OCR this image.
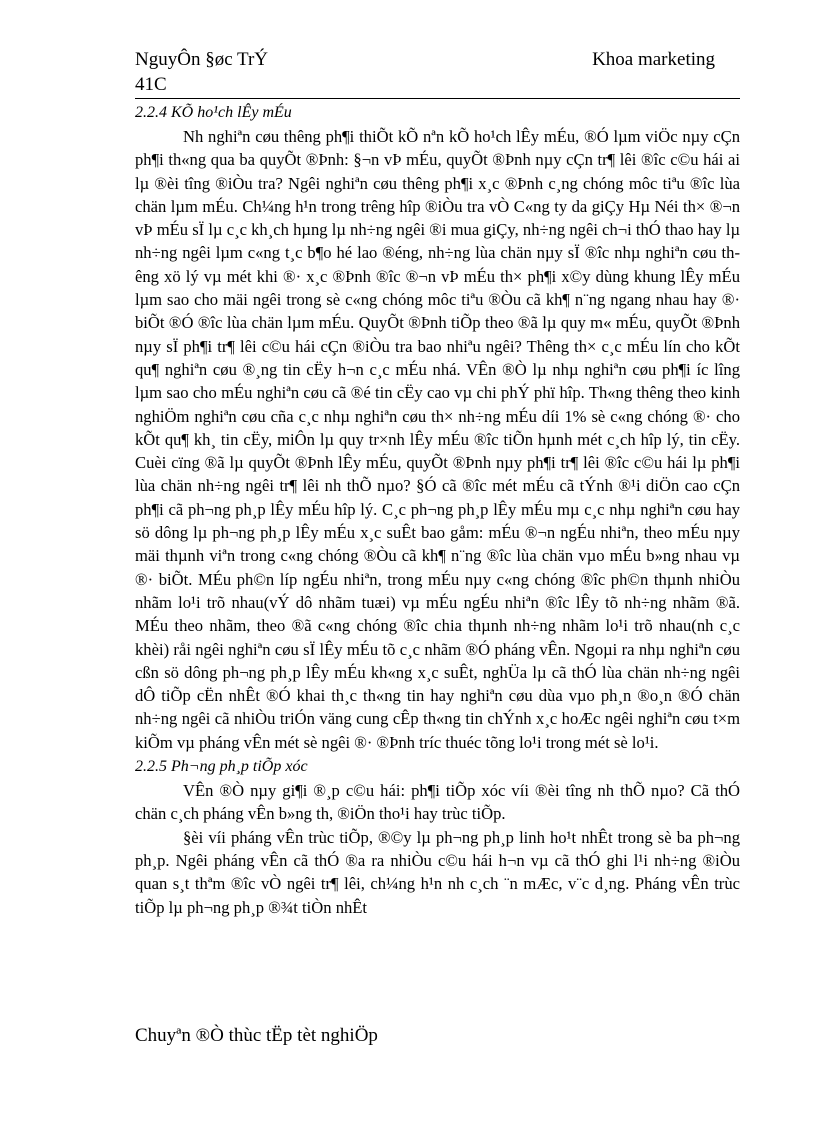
NguyÔn §øc TrÝ	Khoa marketing
41C

2.2.4 KÕ ho¹ch lÊy mÉu

Nh nghiªn cøu thêng ph¶i thiÕt kÕ nªn kÕ ho¹ch lÊy mÉu, ®Ó lµm viÖc nµy cÇn ph¶i th«ng qua ba quyÕt ®Þnh: §¬n vÞ mÉu, quyÕt ®Þnh nµy cÇn tr¶ lêi ®îc c©u hái ai lµ ®èi tîng ®iÒu tra? Ngêi nghiªn cøu thêng ph¶i x¸c ®Þnh c¸ng chóng môc tiªu ®îc lùa chän lµm mÉu. Ch¼ng h¹n trong trêng hîp ®iÒu tra vÒ C«ng ty da giÇy Hµ Néi th× ®¬n vÞ mÉu sÏ lµ c¸c kh¸ch hµng lµ nh÷ng ngêi ®i mua giÇy, nh÷ng ngêi ch¬i thÓ thao hay lµ nh÷ng ngêi lµm c«ng t¸c b¶o hé lao ®éng, nh÷ng lùa chän nµy sÏ ®îc nhµ nghiªn cøu thêng xö lý vµ mét khi ®· x¸c ®Þnh ®îc ®¬n vÞ mÉu th× ph¶i x©y dùng khung lÊy mÉu lµm sao cho mäi ngêi trong sè c«ng chóng môc tiªu ®Òu cã kh¶ n¨ng ngang nhau hay ®· biÕt ®Ó ®îc lùa chän lµm mÉu. QuyÕt ®Þnh tiÕp theo ®ã lµ quy m« mÉu, quyÕt ®Þnh nµy sÏ ph¶i tr¶ lêi c©u hái cÇn ®iÒu tra bao nhiªu ngêi? Thêng th× c¸c mÉu lín cho kÕt qu¶ nghiªn cøu ®¸ng tin cËy h¬n c¸c mÉu nhá. VÊn ®Ò lµ nhµ nghiªn cøu ph¶i íc lîng lµm sao cho mÉu nghiªn cøu cã ®é tin cËy cao vµ chi phÝ phï hîp. Th«ng thêng theo kinh nghiÖm nghiªn cøu cña c¸c nhµ nghiªn cøu th× nh÷ng mÉu díi 1% sè c«ng chóng ®· cho kÕt qu¶ kh¸ tin cËy, miÔn lµ quy tr×nh lÊy mÉu ®îc tiÕn hµnh mét c¸ch hîp lý, tin cËy. Cuèi cïng ®ã lµ quyÕt ®Þnh lÊy mÉu, quyÕt ®Þnh nµy ph¶i tr¶ lêi ®îc c©u hái lµ ph¶i lùa chän nh÷ng ngêi tr¶ lêi nh thÕ nµo? §Ó cã ®îc mét mÉu cã tÝnh ®¹i diÖn cao cÇn ph¶i cã ph¬ng ph¸p lÊy mÉu hîp lý. C¸c ph¬ng ph¸p lÊy mÉu mµ c¸c nhµ nghiªn cøu hay sö dông lµ ph¬ng ph¸p lÊy mÉu x¸c suÊt bao gåm: mÉu ®¬n ngÉu nhiªn, theo mÉu nµy mäi thµnh viªn trong c«ng chóng ®Òu cã kh¶ n¨ng ®îc lùa chän vµo mÉu b»ng nhau vµ ®· biÕt. MÉu ph©n líp ngÉu nhiªn, trong mÉu nµy c«ng chóng ®îc ph©n thµnh nhiÒu nhãm lo¹i trõ nhau(vÝ dô nhãm tuæi) vµ mÉu ngÉu nhiªn ®îc lÊy tõ nh÷ng nhãm ®ã. MÉu theo nhãm, theo ®ã c«ng chóng ®îc chia thµnh nh÷ng nhãm lo¹i trõ nhau(nh c¸c khèi) råi ngêi nghiªn cøu sÏ lÊy mÉu tõ c¸c nhãm ®Ó pháng vÊn. Ngoµi ra nhµ nghiªn cøu cßn sö dông ph¬ng ph¸p lÊy mÉu kh«ng x¸c suÊt, nghÜa lµ cã thÓ lùa chän nh÷ng ngêi dÔ tiÕp cËn nhÊt ®Ó khai th¸c th«ng tin hay nghiªn cøu dùa vµo ph¸n ®o¸n ®Ó chän nh÷ng ngêi cã nhiÒu triÓn väng cung cÊp th«ng tin chÝnh x¸c hoÆc ngêi nghiªn cøu t×m kiÕm vµ pháng vÊn mét sè ngêi ®· ®Þnh tríc thuéc tõng lo¹i trong mét sè lo¹i.

2.2.5 Ph¬ng ph¸p tiÕp xóc

VÊn ®Ò nµy gi¶i ®¸p c©u hái: ph¶i tiÕp xóc víi ®èi tîng nh thÕ nµo? Cã thÓ chän c¸ch pháng vÊn b»ng th, ®iÖn tho¹i hay trùc tiÕp.

§èi víi pháng vÊn trùc tiÕp, ®©y lµ ph¬ng ph¸p linh ho¹t nhÊt trong sè ba ph¬ng ph¸p. Ngêi pháng vÊn cã thÓ ®a ra nhiÒu c©u hái h¬n vµ cã thÓ ghi l¹i nh÷ng ®iÒu quan s¸t thªm ®îc vÒ ngêi tr¶ lêi, ch¼ng h¹n nh c¸ch ¨n mÆc, v¨c d¸ng. Pháng vÊn trùc tiÕp lµ ph¬ng ph¸p ®¾t tiÒn nhÊt

Chuyªn ®Ò thùc tËp tèt nghiÖp
